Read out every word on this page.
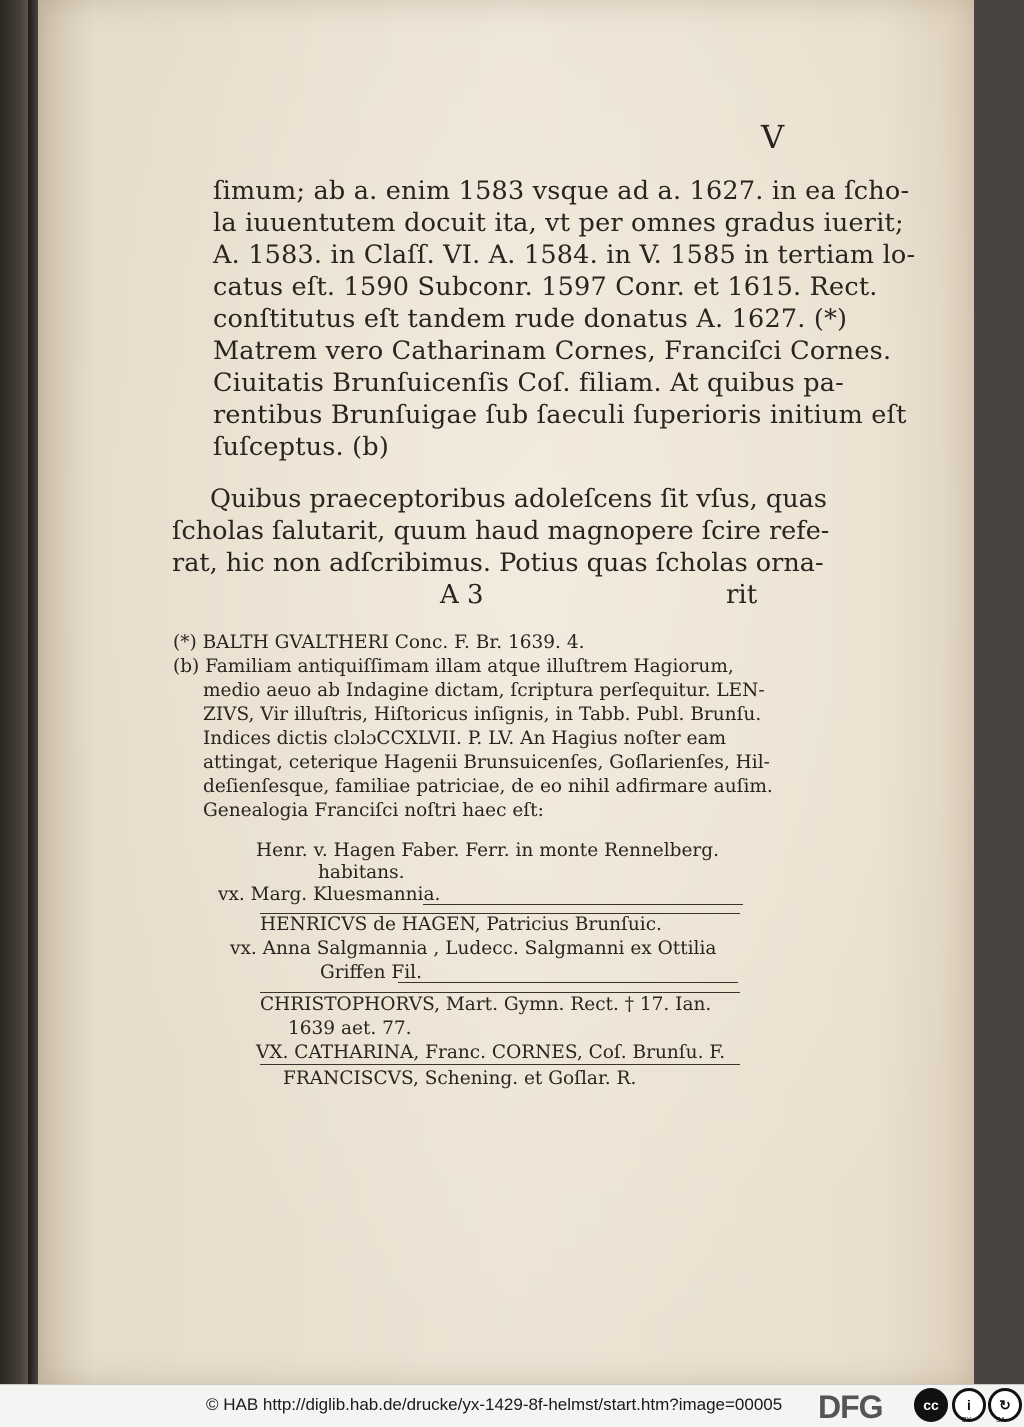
V
ſimum; ab a. enim 1583 vsque ad a. 1627. in ea ſcho-
la iuuentutem docuit ita, vt per omnes gradus iuerit;
A. 1583. in Claſſ. VI. A. 1584. in V. 1585 in tertiam lo-
catus eſt. 1590 Subconr. 1597 Conr. et 1615. Rect.
conſtitutus eſt tandem rude donatus A. 1627. (*)
Matrem vero Catharinam Cornes, Franciſci Cornes.
Ciuitatis Brunſuicenſis Coſ. filiam. At quibus pa-
rentibus Brunſuigae ſub ſaeculi ſuperioris initium eſt
ſuſceptus. (b)
Quibus praeceptoribus adoleſcens ſit vſus, quas
ſcholas ſalutarit, quum haud magnopere ſcire refe-
rat, hic non adſcribimus. Potius quas ſcholas orna-
A 3	rit
(*) BALTH GVALTHERI Conc. F. Br. 1639. 4.
(b) Familiam antiquiſſimam illam atque illuſtrem Hagiorum,
medio aeuo ab Indagine dictam, ſcriptura perſequitur. LEN-
ZIVS, Vir illuſtris, Hiſtoricus inſignis, in Tabb. Publ. Brunſu.
Indices dictis clɔlɔCCXLVII. P. LV. An Hagius noſter eam
attingat, ceterique Hagenii Brunsuicenſes, Goſlarienſes, Hil-
deſienſesque, familiae patriciae, de eo nihil adfirmare auſim.
Genealogia Franciſci noſtri haec eſt:
Henr. v. Hagen Faber. Ferr. in monte Rennelberg.
habitans.
vx. Marg. Kluesmannia.
HENRICVS de HAGEN, Patricius Brunſuic.
vx. Anna Salgmannia , Ludecc. Salgmanni ex Ottilia
Griffen Fil.
CHRISTOPHORVS, Mart. Gymn. Rect. † 17. Ian.
1639 aet. 77.
VX. CATHARINA, Franc. CORNES, Coſ. Brunſu. F.
FRANCISCVS, Schening. et Goſlar. R.
© HAB http://diglib.hab.de/drucke/yx-1429-8f-helmst/start.htm?image=00005 DFG	cc	i	↻
BY	SA
